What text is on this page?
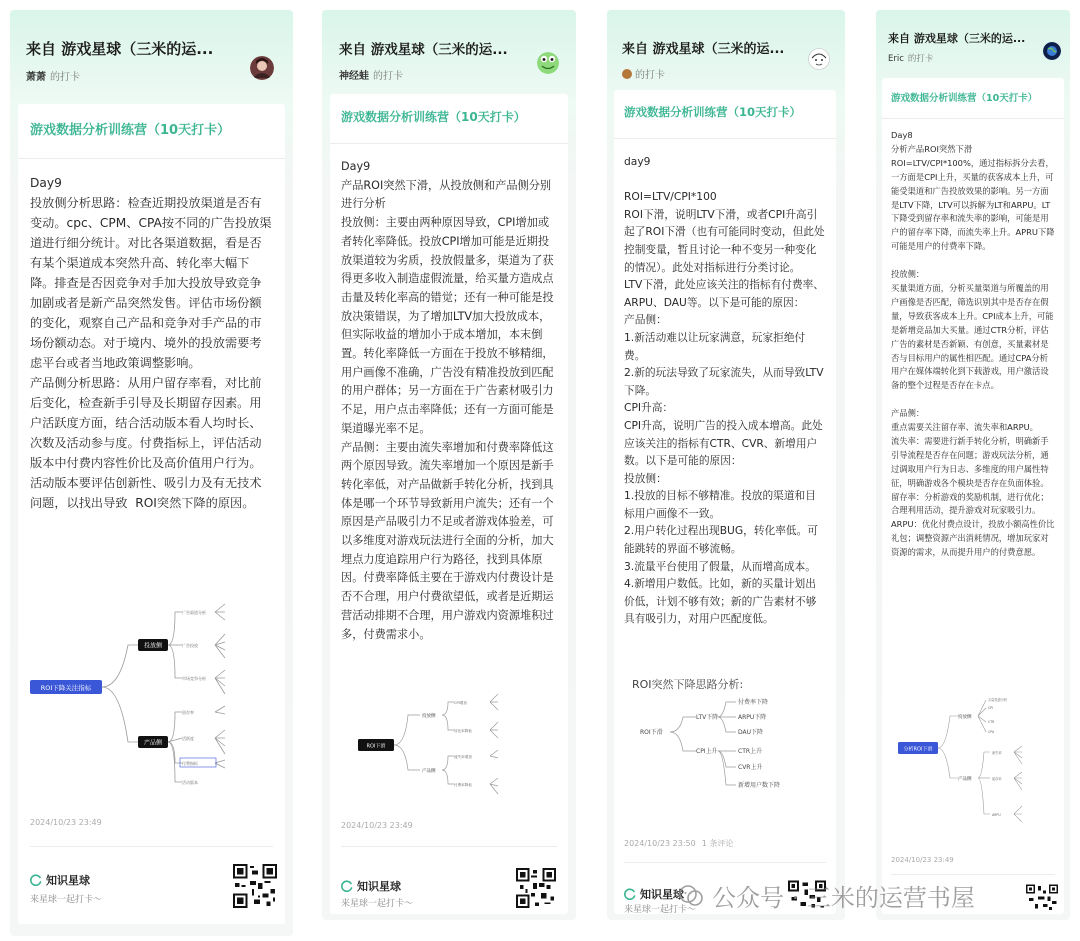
来自 游戏星球（三米的运...
萧萧 的打卡
游戏数据分析训练营（10天打卡）
Day9
投放侧分析思路：检查近期投放渠道是否有变动。cpc、CPM、CPA按不同的广告投放渠道进行细分统计。对比各渠道数据，看是否有某个渠道成本突然升高、转化率大幅下降。排查是否因竞争对手加大投放导致竞争加剧或者是新产品突然发售。评估市场份额的变化，观察自己产品和竞争对手产品的市场份额动态。对于境内、境外的投放需要考虑平台或者当地政策调整影响。
产品侧分析思路：从用户留存率看，对比前后变化，检查新手引导及长期留存因素。用户活跃度方面，结合活动版本看人均时长、次数及活动参与度。付费指标上，评估活动版本中付费内容性价比及高价值用户行为。活动版本要评估创新性、吸引力及有无技术问题，以找出导致  ROI突然下降的原因。
ROI下降关注指标
投放侧
产品侧
广告渠道分析
广告投放
市场竞争分析
留存率
活跃度
付费指标
活动版本
2024/10/23 23:49
知识星球
来星球一起打卡～
来自 游戏星球（三米的运...
神经蛙 的打卡
游戏数据分析训练营（10天打卡）
Day9
产品ROI突然下滑，从投放侧和产品侧分别进行分析
投放侧：主要由两种原因导致，CPI增加或者转化率降低。投放CPI增加可能是近期投放渠道较为劣质，投放假量多，渠道为了获得更多收入制造虚假流量，给买量方造成点击量及转化率高的错觉；还有一种可能是投放决策错误，为了增加LTV加大投放成本，但实际收益的增加小于成本增加，本末倒置。转化率降低一方面在于投放不够精细，用户画像不准确，广告没有精准投放到匹配的用户群体；另一方面在于广告素材吸引力不足，用户点击率降低；还有一方面可能是渠道曝光率不足。
产品侧：主要由流失率增加和付费率降低这两个原因导致。流失率增加一个原因是新手转化率低，对产品做新手转化分析，找到具体是哪一个环节导致新用户流失；还有一个原因是产品吸引力不足或者游戏体验差，可以多维度对游戏玩法进行全面的分析，加大埋点力度追踪用户行为路径，找到具体原因。付费率降低主要在于游戏内付费设计是否不合理，用户付费欲望低，或者是近期运营活动排期不合理，用户游戏内资源堆积过多，付费需求小。
ROI下滑
投放侧
产品侧
CPI增加
转化率降低
流失率增加
付费率降低
2024/10/23 23:49
知识星球
来星球一起打卡～
来自 游戏星球（三米的运...
的打卡
游戏数据分析训练营（10天打卡）
day9

ROI=LTV/CPI*100
ROI下滑，说明LTV下滑，或者CPI升高引起了ROI下滑（也有可能同时变动，但此处控制变量，暂且讨论一种不变另一种变化的情况）。此处对指标进行分类讨论。
LTV下滑，此处应该关注的指标有付费率、ARPU、DAU等。以下是可能的原因：
产品侧：
1.新活动难以让玩家满意，玩家拒绝付费。
2.新的玩法导致了玩家流失，从而导致LTV下降。
CPI升高：
CPI升高，说明广告的投入成本增高。此处应该关注的指标有CTR、CVR、新增用户数。以下是可能的原因：
投放侧：
1.投放的目标不够精准。投放的渠道和目标用户画像不一致。
2.用户转化过程出现BUG，转化率低。可能跳转的界面不够流畅。
3.流量平台使用了假量，从而增高成本。
4.新增用户数低。比如，新的买量计划出价低，计划不够有效；新的广告素材不够具有吸引力，对用户匹配度低。
ROI突然下降思路分析:
ROI下滑
LTV下降
CPI上升
付费率下降
ARPU下降
DAU下降
CTR上升
CVR上升
新增用户数下降
2024/10/23 23:50 1 条评论
知识星球
来星球一起打卡～
来自 游戏星球（三米的运...
Eric 的打卡
游戏数据分析训练营（10天打卡）
Day8
分析产品ROI突然下滑
ROI=LTV/CPI*100%，通过指标拆分去看，一方面是CPI上升，买量的获客成本上升，可能受渠道和广告投放效果的影响。另一方面是LTV下降，LTV可以拆解为LT和ARPU。LT下降受到留存率和流失率的影响，可能是用户的留存率下降，而流失率上升。APRU下降可能是用户的付费率下降。

投放侧：
买量渠道方面，分析买量渠道与所覆盖的用户画像是否匹配，筛选识别其中是否存在假量，导致获客成本上升。CPI成本上升，可能是新增竞品加大买量。通过CTR分析，评估广告的素材是否新颖、有创意，买量素材是否与目标用户的属性相匹配。通过CPA分析用户在媒体端转化到下载游戏，用户激活设备的整个过程是否存在卡点。

产品侧：
重点需要关注留存率、流失率和ARPU。
流失率：需要进行新手转化分析，明确新手引导流程是否存在问题；游戏玩法分析，通过调取用户行为日志、多维度的用户属性特征，明确游戏各个模块是否存在负面体验。
留存率：分析游戏的奖励机制，进行优化；合理利用活动，提升游戏对玩家吸引力。
ARPU：优化付费点设计，投放小额高性价比礼包；调整资源产出消耗情况，增加玩家对资源的需求，从而提升用户的付费意愿。
分析ROI下滑
投放侧
产品侧
买量渠道分析
CPI
CTR
CPA
流失率
留存率
ARPU
2024/10/23 23:49
公众号 · 三米的运营书屋
